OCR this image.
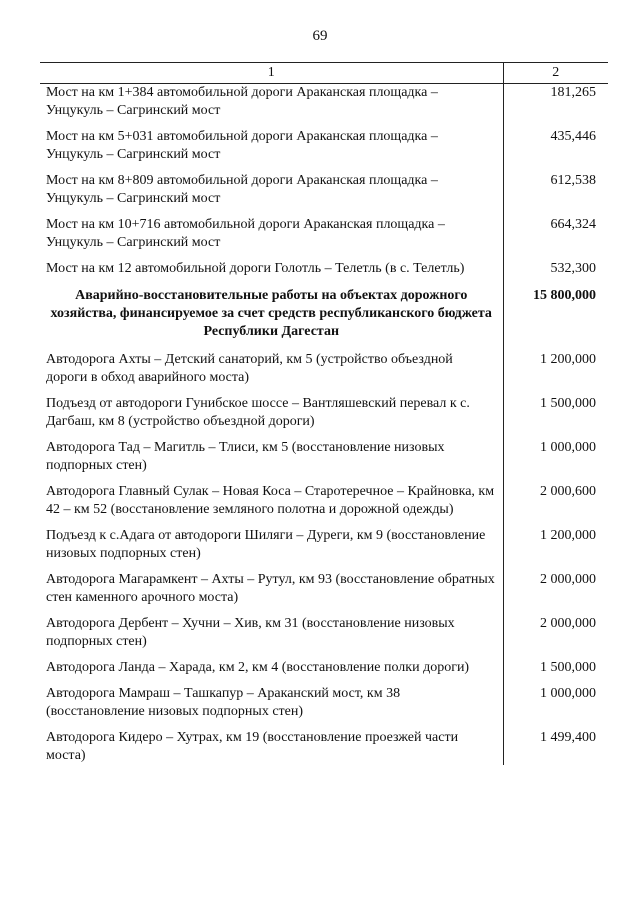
69
1	2
Мост на км 1+384 автомобильной дороги Араканская площадка – Унцукуль – Сагринский мост	181,265
Мост на км 5+031 автомобильной дороги Араканская площадка – Унцукуль – Сагринский мост	435,446
Мост на км 8+809 автомобильной дороги Араканская площадка – Унцукуль – Сагринский мост	612,538
Мост на км 10+716 автомобильной дороги Араканская площадка – Унцукуль – Сагринский мост	664,324
Мост на км 12 автомобильной дороги Голотль – Телетль (в с. Телетль)	532,300
Аварийно-восстановительные работы на объектах дорожного хозяйства, финансируемое за счет средств республиканского бюджета Республики Дагестан	15 800,000
Автодорога Ахты – Детский санаторий, км 5 (устройство объездной дороги в обход аварийного моста)	1 200,000
Подъезд от автодороги Гунибское шоссе – Вантляшевский перевал к с. Дагбаш, км 8 (устройство объездной дороги)	1 500,000
Автодорога Тад – Магитль – Тлиси, км 5 (восстановление низовых подпорных стен)	1 000,000
Автодорога Главный Сулак – Новая Коса – Старотеречное – Крайновка, км 42 – км 52 (восстановление земляного полотна и дорожной одежды)	2 000,600
Подъезд к с.Адага от автодороги Шиляги – Дуреги, км 9 (восстановление низовых подпорных стен)	1 200,000
Автодорога Магарамкент – Ахты – Рутул, км 93 (восстановление обратных стен каменного арочного моста)	2 000,000
Автодорога Дербент – Хучни – Хив, км 31 (восстановление низовых подпорных стен)	2 000,000
Автодорога Ланда – Харада, км 2, км 4 (восстановление полки дороги)	1 500,000
Автодорога Мамраш – Ташкапур – Араканский мост, км 38 (восстановление низовых подпорных стен)	1 000,000
Автодорога Кидеро – Хутрах, км 19 (восстановление проезжей части моста)	1 499,400
